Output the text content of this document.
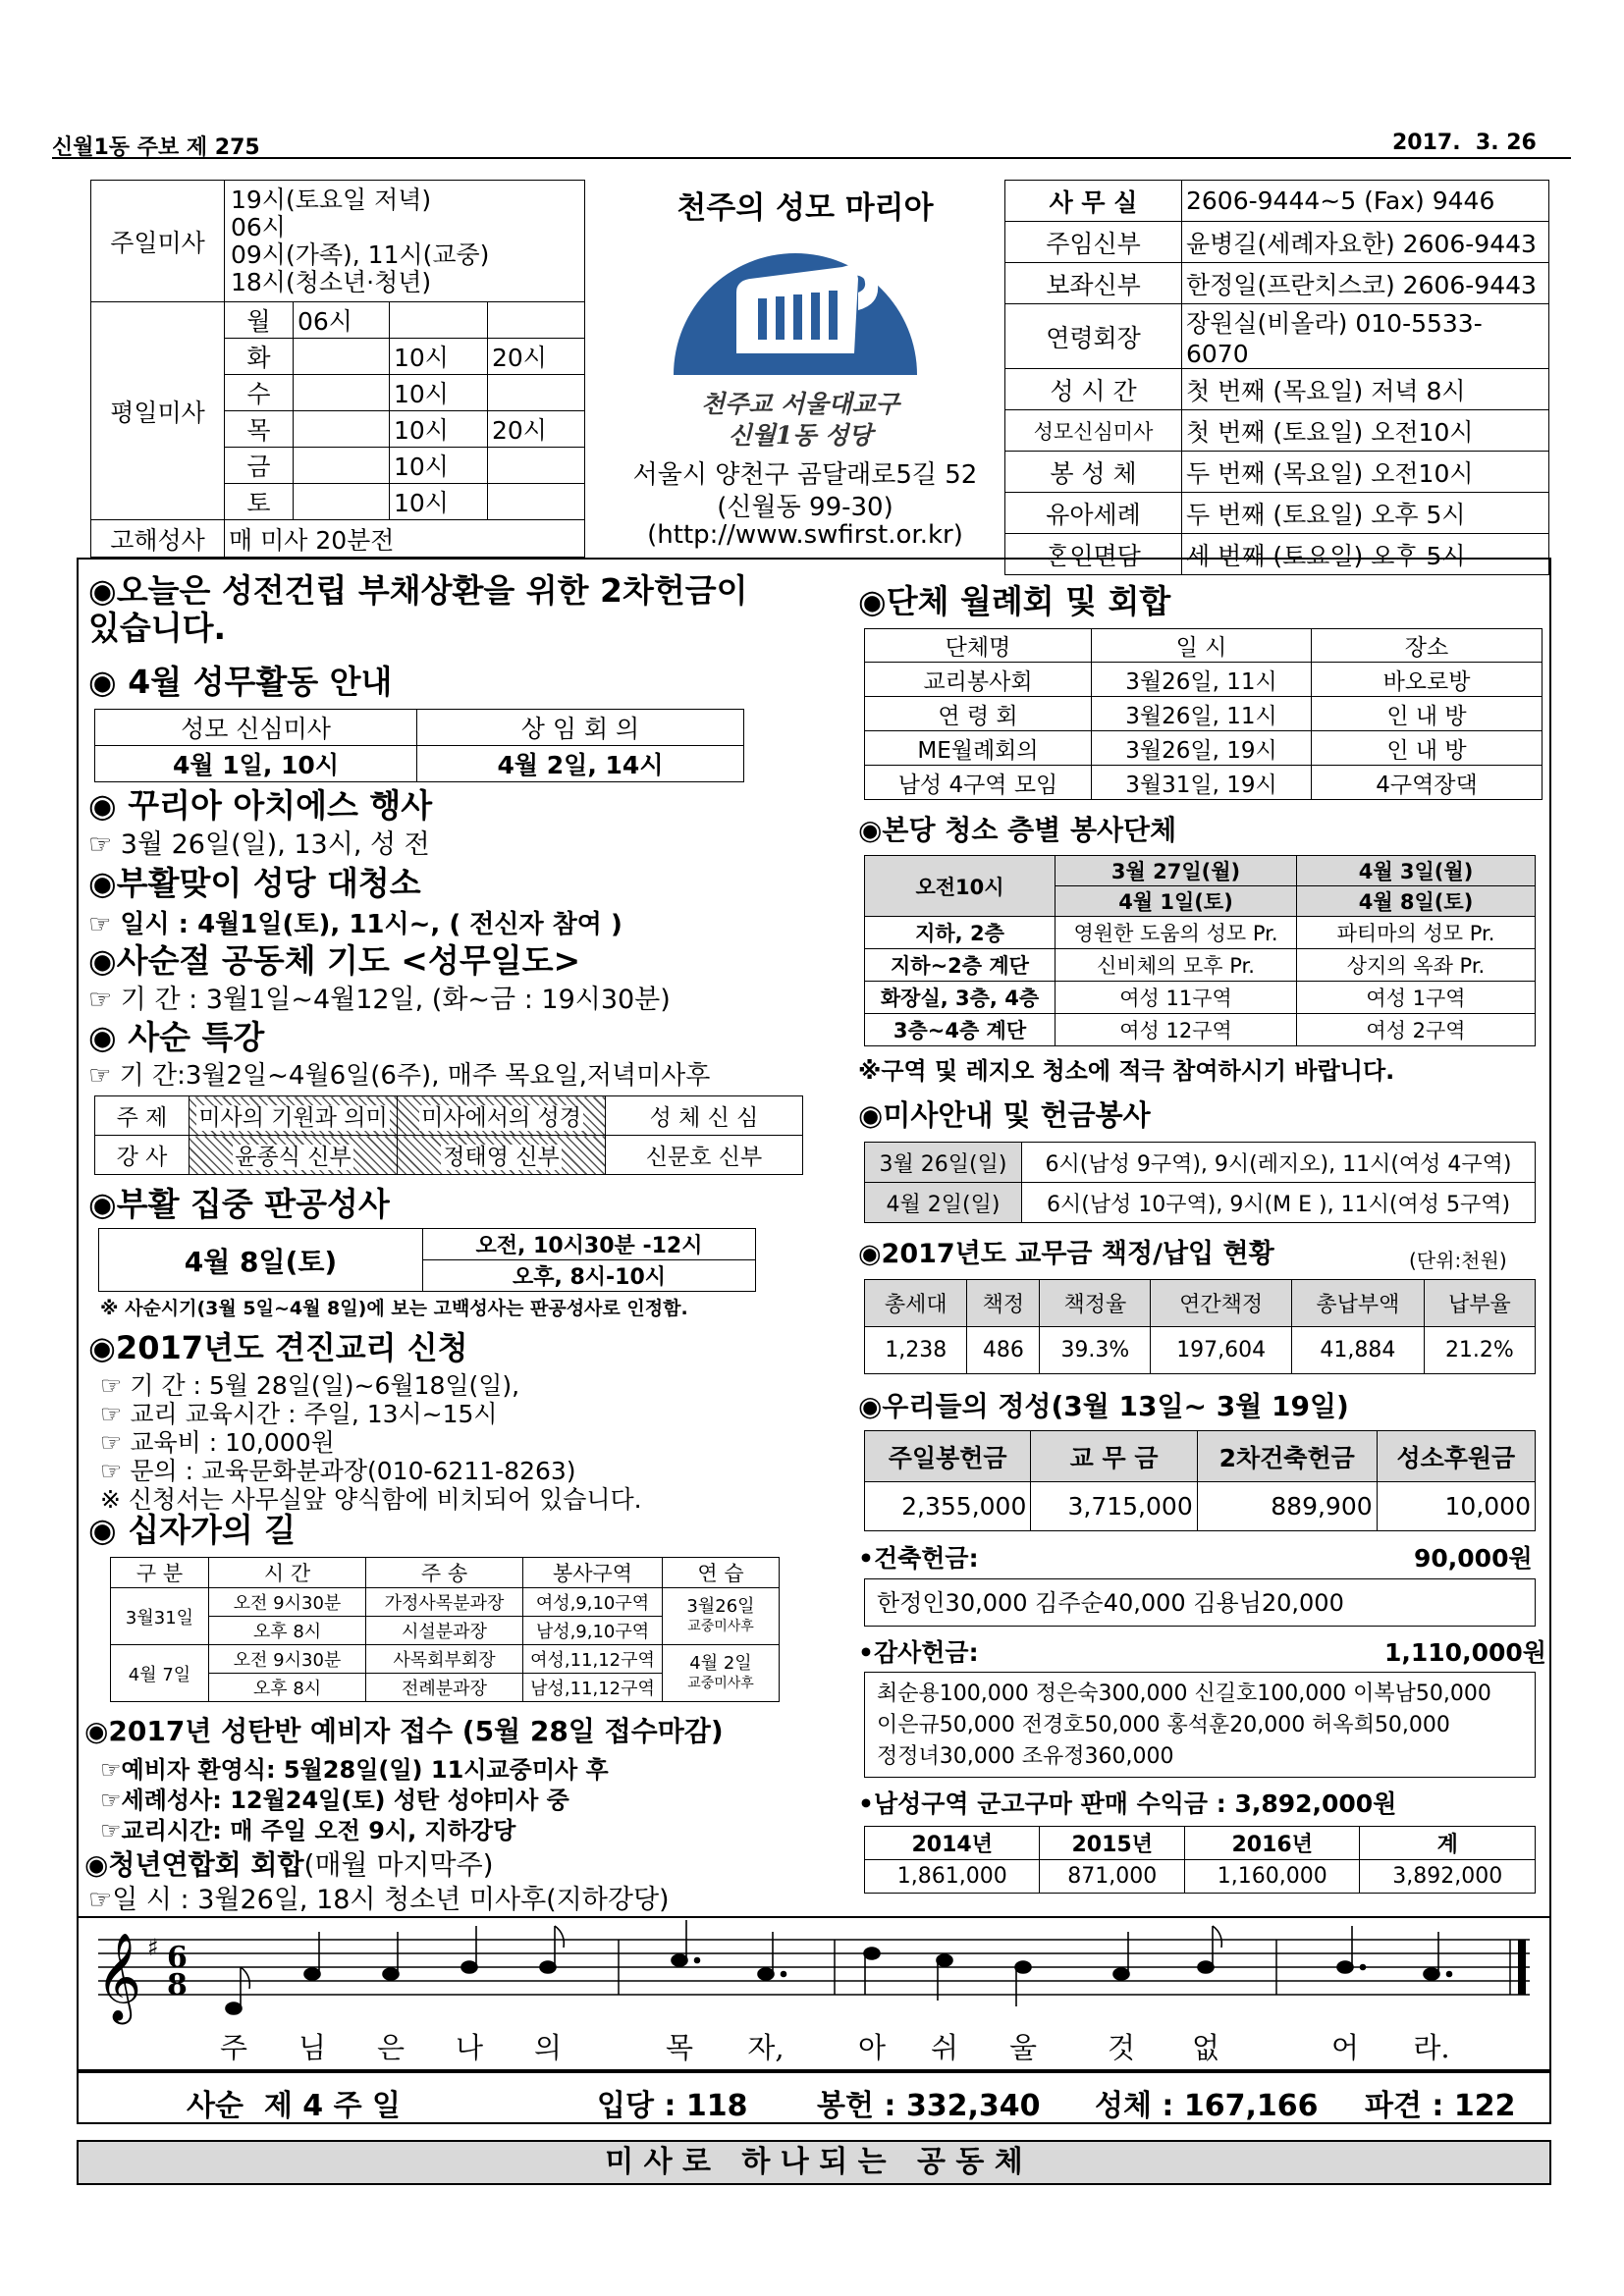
신월1동 주보 제 275	2017.  3. 26
주일미사	19시(토요일 저녁)
06시
09시(가족), 11시(교중)
18시(청소년·청년)			

평일미사	월	06시		
	화		10시	20시
	수		10시	
	목		10시	20시
	금		10시	
	토		10시	
고해성사	매 미사 20분전			
천주의 성모 마리아
천주교 서울대교구
신월1동 성당
서울시 양천구 곰달래로5길 52
(신월동 99-30)
(http://www.swfirst.or.kr)
사 무 실	2606-9444~5 (Fax) 9446
주임신부	윤병길(세례자요한) 2606-9443
보좌신부	한정일(프란치스코) 2606-9443
연령회장	장원실(비올라) 010-5533-6070
성 시 간	첫 번째 (목요일) 저녁 8시
성모신심미사	첫 번째 (토요일) 오전10시
봉 성 체	두 번째 (목요일) 오전10시
유아세례	두 번째 (토요일) 오후 5시
혼인면담	세 번째 (토요일) 오후 5시
◉오늘은 성전건립 부채상환을 위한 2차헌금이
있습니다.
◉ 4월 성무활동 안내
성모 신심미사	상 임 회 의
4월 1일, 10시	4월 2일, 14시
◉ 꾸리아 아치에스 행사
☞ 3월 26일(일), 13시, 성 전
◉부활맞이 성당 대청소
☞ 일시 : 4월1일(토), 11시~, ( 전신자 참여 )
◉사순절 공동체 기도 <성무일도>
☞ 기 간 : 3월1일~4월12일, (화~금 : 19시30분)
◉ 사순 특강
☞ 기 간:3월2일~4월6일(6주), 매주 목요일,저녁미사후
주 제	미사의 기원과 의미	미사에서의 성경	성 체 신 심
강 사	윤종식 신부	정태영 신부	신문호 신부
◉부활 집중 판공성사
4월 8일(토)	오전, 10시30분 -12시
오후, 8시-10시
※ 사순시기(3월 5일~4월 8일)에 보는 고백성사는 판공성사로 인정함.
◉2017년도 견진교리 신청
☞ 기 간 : 5월 28일(일)~6월18일(일),
☞ 교리 교육시간 : 주일, 13시~15시
☞ 교육비 : 10,000원
☞ 문의 : 교육문화분과장(010-6211-8263)
※ 신청서는 사무실앞 양식함에 비치되어 있습니다.
◉ 십자가의 길
구 분	시 간	주 송	봉사구역	연 습
3월31일	오전 9시30분	가정사목분과장	여성,9,10구역	3월26일
교중미사후

	오후 8시	시설분과장	남성,9,10구역	
4월 7일	오전 9시30분	사목회부회장	여성,11,12구역	4월 2일
교중미사후

	오후 8시	전례분과장	남성,11,12구역	
◉2017년 성탄반 예비자 접수 (5월 28일 접수마감)
☞예비자 환영식: 5월28일(일) 11시교중미사 후
☞세례성사: 12월24일(토) 성탄 성야미사 중
☞교리시간: 매 주일 오전 9시, 지하강당
◉청년연합회 회합(매월 마지막주)
☞일 시 : 3월26일, 18시 청소년 미사후(지하강당)
◉단체 월례회 및 회합
단체명	일 시	장소
교리봉사회	3월26일, 11시	바오로방
연 령 회	3월26일, 11시	인 내 방
ME월례회의	3월26일, 19시	인 내 방
남성 4구역 모임	3월31일, 19시	4구역장댁
◉본당 청소 층별 봉사단체
오전10시	3월 27일(월)	4월 3일(월)
	4월 1일(토)	4월 8일(토)
지하, 2층	영원한 도움의 성모 Pr.	파티마의 성모 Pr.
지하~2층 계단	신비체의 모후 Pr.	상지의 옥좌 Pr.
화장실, 3층, 4층	여성 11구역	여성 1구역
3층~4층 계단	여성 12구역	여성 2구역
※구역 및 레지오 청소에 적극 참여하시기 바랍니다.
◉미사안내 및 헌금봉사
3월 26일(일)	6시(남성 9구역), 9시(레지오), 11시(여성 4구역)
4월 2일(일)	6시(남성 10구역), 9시(M E ), 11시(여성 5구역)
◉2017년도 교무금 책정/납입 현황	(단위:천원)
총세대	책정	책정율	연간책정	총납부액	납부율
1,238	486	39.3%	197,604	41,884	21.2%
◉우리들의 정성(3월 13일~ 3월 19일)
주일봉헌금	교 무 금	2차건축헌금	성소후원금
2,355,000	3,715,000	889,900	10,000
•건축헌금:	90,000원
한정인30,000 김주순40,000 김용님20,000
•감사헌금:	1,110,000원
최순용100,000 정은숙300,000 신길호100,000 이복남50,000
이은규50,000 전경호50,000 홍석훈20,000 허옥희50,000
정정녀30,000 조유정360,000
•남성구역 군고구마 판매 수익금 : 3,892,000원
2014년	2015년	2016년	계
1,861,000	871,000	1,160,000	3,892,000
𝄞 ♯ 6
8
주 님 은 나 의	목 자,	아 쉬 울 것 없	어 라.
사순  제 4 주 일	입당 : 118 봉헌 : 332,340 성체 : 167,166 파견 : 122
미 사 로   하 나 되 는   공 동 체
